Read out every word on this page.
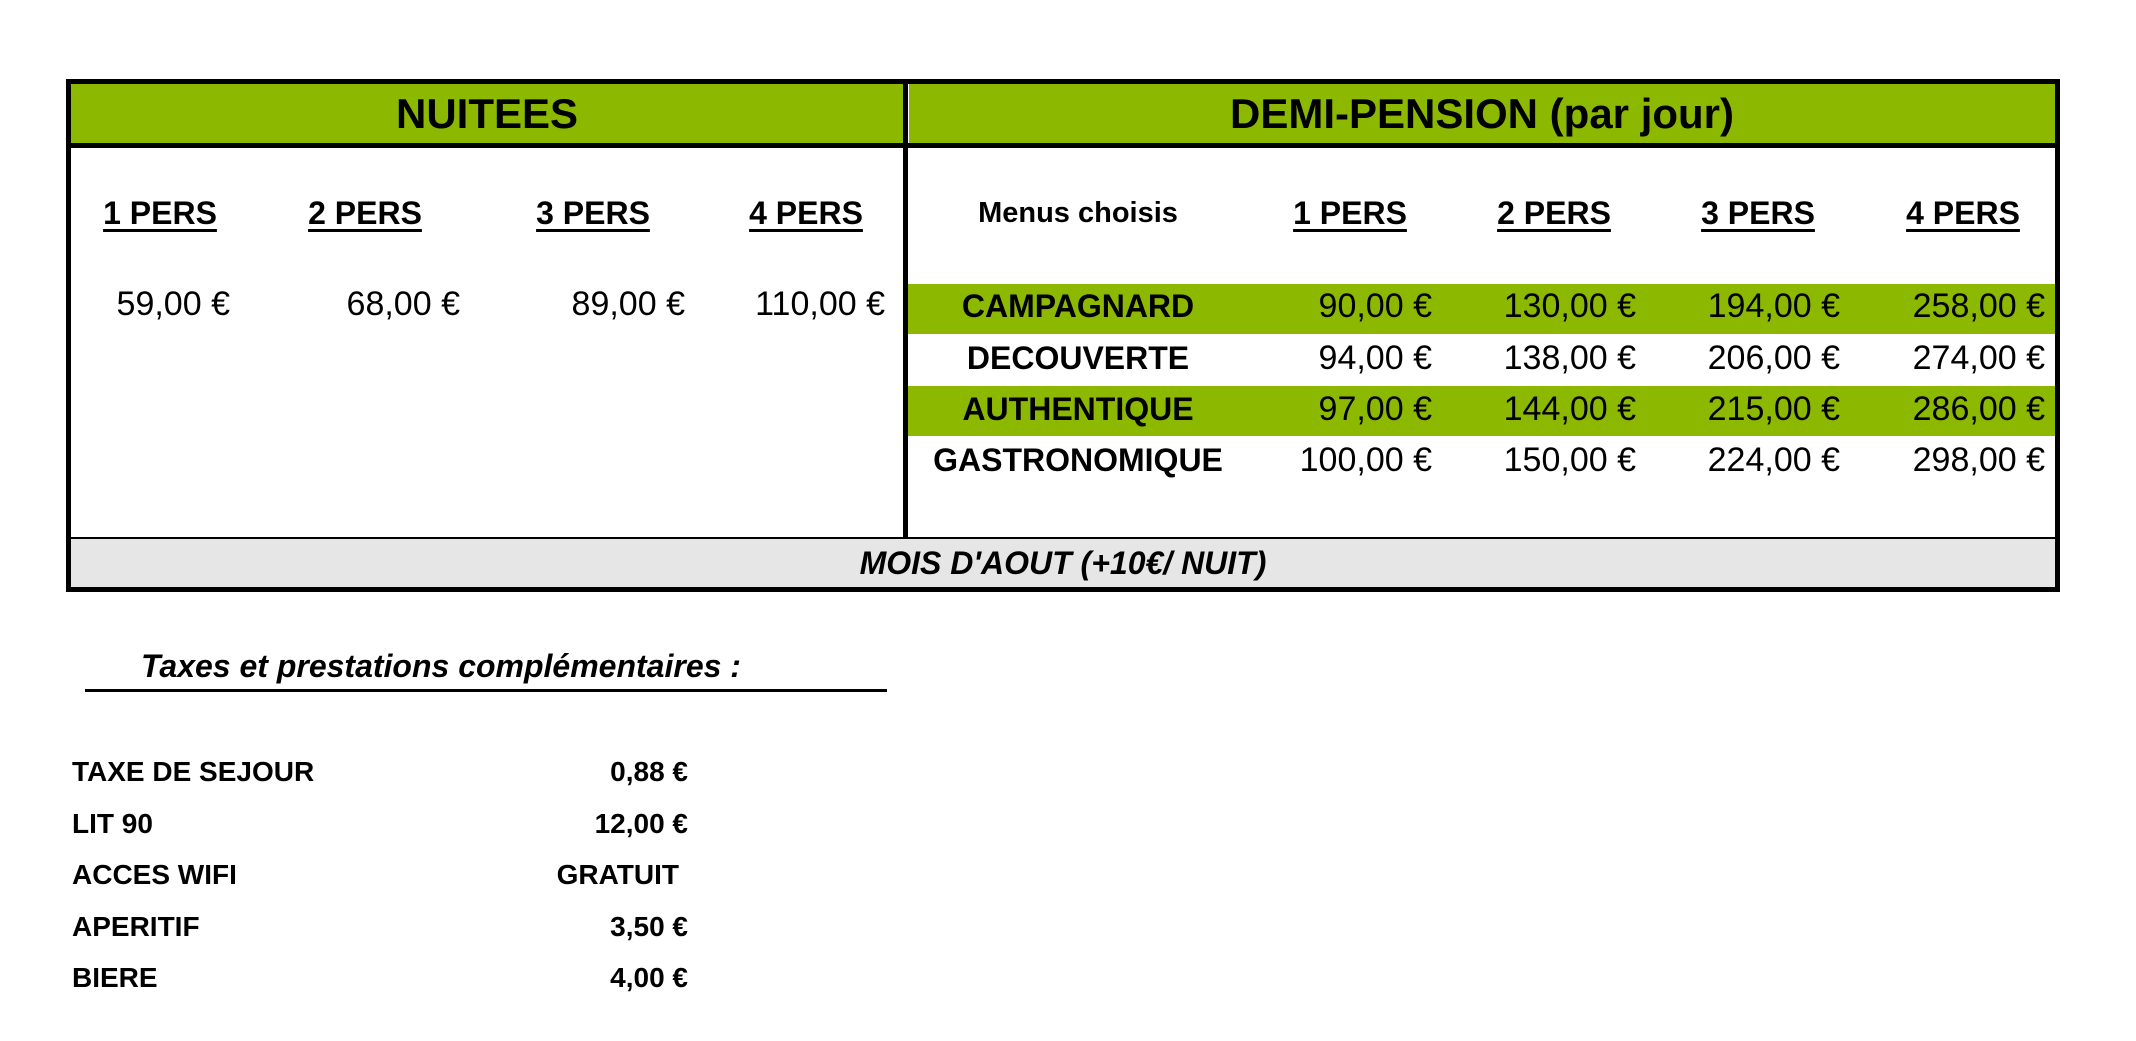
NUITEES	DEMI-PENSION (par jour)
1 PERS	2 PERS	3 PERS	4 PERS
59,00 €	68,00 €	89,00 €	110,00 €
Menus choisis	1 PERS	2 PERS	3 PERS	4 PERS
CAMPAGNARD	90,00 €	130,00 €	194,00 €	258,00 €
DECOUVERTE	94,00 €	138,00 €	206,00 €	274,00 €
AUTHENTIQUE	97,00 €	144,00 €	215,00 €	286,00 €
GASTRONOMIQUE	100,00 €	150,00 €	224,00 €	298,00 €
MOIS D'AOUT (+10€/ NUIT)
Taxes et prestations complémentaires :
TAXE DE SEJOUR	0,88 €
LIT 90	12,00 €
ACCES WIFI	GRATUIT
APERITIF	3,50 €
BIERE	4,00 €
